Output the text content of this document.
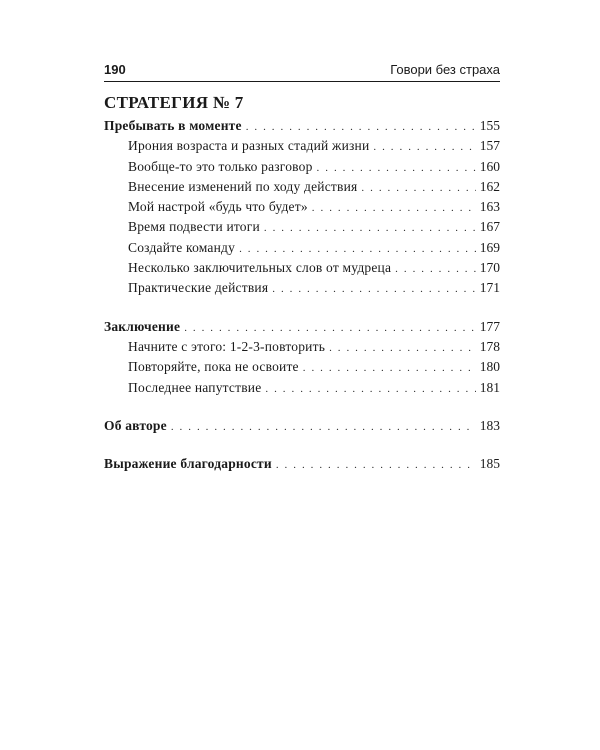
190	Говори без страха
СТРАТЕГИЯ № 7
Пребывать в моменте . . .	155
Ирония возраста и разных стадий жизни . . .	157
Вообще-то это только разговор . . .	160
Внесение изменений по ходу действия . . .	162
Мой настрой «будь что будет» . . .	163
Время подвести итоги . . .	167
Создайте команду . . .	169
Несколько заключительных слов от мудреца . . .	170
Практические действия . . .	171
Заключение . . .	177
Начните с этого: 1-2-3-повторить . . .	178
Повторяйте, пока не освоите . . .	180
Последнее напутствие . . .	181
Об авторе . . .	183
Выражение благодарности . . .	185
